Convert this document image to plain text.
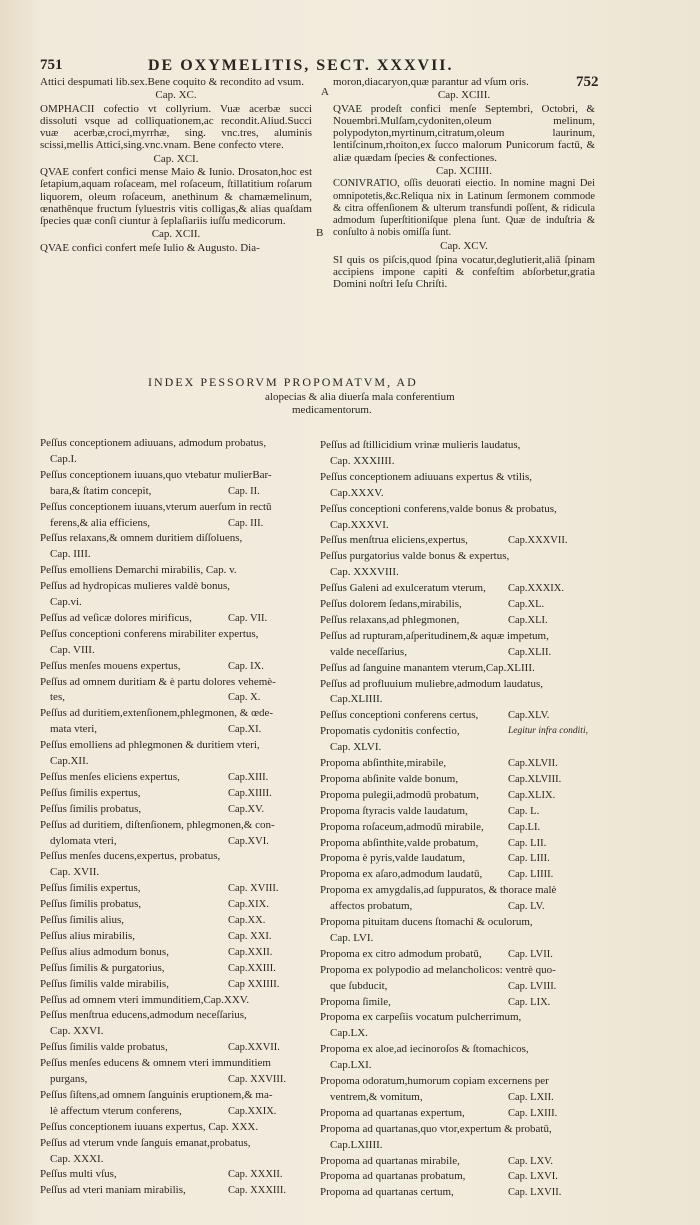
751	DE OXYMELITIS, SECT. XXXVII.
752
A
B

Attici despumati lib.sex.Bene coquito & recondito ad vsum.

Cap. XC.

OMPHACII cofectio vt collyrium. Vuæ acerbæ succi dissoluti vsque ad colliquationem,ac recondit.Aliud.Succi vuæ acerbæ,croci,myrrhæ, sing. vnc.tres, aluminis scissi,mellis Attici,sing.vnc.vnam. Bene confecto vtere.

Cap. XCI.

QVAE confert confici mense Maio & Iunio. Drosaton,hoc est ſetapium,aquam roſaceam, mel roſaceum, ſtillatitium roſarum liquorem, oleum roſaceum, anethinum & chamæmelinum, œnathênque fructum ſyluestris vitis colligas,& alias quaſdam ſpecies quæ conſi ciuntur à ſeplaſiariis iuſſu medicorum.

Cap. XCII.

QVAE confici confert meſe Iulio & Augusto. Dia-

moron,diacaryon,quæ parantur ad vſum oris.

Cap. XCIII.

QVAE prodeſt confici menſe Septembri, Octobri, & Nouembri.Mulſam,cydoniten,oleum melinum, polypodyton,myrtinum,citratum,oleum laurinum, lentiſcinum,rhoiton,ex ſucco malorum Punicorum factū, & aliæ quædam ſpecies & confectiones.

Cap. XCIIII.

CONIVRATIO, oſſis deuorati eiectio. In nomine magni Dei omnipotetis,&c.Reliqua nix in Latinum ſermonem commode & citra offenſionem & ulterum transfundi poſſent, & ridicula admodum ſuperſtitioniſque plena ſunt. Quæ de induſtria & conſulto à nobis omiſſa ſunt.

Cap. XCV.

SI quis os piſcis,quod ſpina vocatur,deglutierit,aliā ſpinam accipiens impone capiti & confeſtim abſorbetur,gratia Domini noſtri Ieſu Chriſti.

INDEX PESSORVM PROPOMATVM, AD
alopecias & alia diuerſa mala conferentium
medicamentorum.
Peſſus conceptionem adiuuans, admodum probatus,
Cap.I.
Peſſus conceptionem iuuans,quo vtebatur mulierBar-
bara,& ſtatim concepit,	Cap. II.
Peſſus conceptionem iuuans,vterum auerſum in rectū
ferens,& alia efficiens,	Cap. III.
Peſſus relaxans,& omnem duritiem diſſoluens,
Cap. IIII.
Peſſus emolliens Demarchi mirabilis, Cap. v.
Peſſus ad hydropicas mulieres valdè bonus,
Cap.vi.
Peſſus ad veſicæ dolores mirificus,	Cap. VII.
Peſſus conceptioni conferens mirabiliter expertus,
Cap. VIII.
Peſſus menſes mouens expertus,	Cap. IX.
Peſſus ad omnem duritiam & è partu dolores vehemè-
tes,	Cap. X.
Peſſus ad duritiem,extenſionem,phlegmonen, & œde-
mata vteri,	Cap.XI.
Peſſus emolliens ad phlegmonen & duritiem vteri,
Cap.XII.
Peſſus menſes eliciens expertus,	Cap.XIII.
Peſſus ſimilis expertus,	Cap.XIIII.
Peſſus ſimilis probatus,	Cap.XV.
Peſſus ad duritiem, diſtenſionem, phlegmonen,& con-
dylomata vteri,	Cap.XVI.
Peſſus menſes ducens,expertus, probatus,
Cap. XVII.
Peſſus ſimilis expertus,	Cap. XVIII.
Peſſus ſimilis probatus,	Cap.XIX.
Peſſus ſimilis alius,	Cap.XX.
Peſſus alius mirabilis,	Cap. XXI.
Peſſus alius admodum bonus,	Cap.XXII.
Peſſus ſimilis & purgatorius,	Cap.XXIII.
Peſſus ſimilis valde mirabilis,	Cap XXIIII.
Peſſus ad omnem vteri immunditiem,Cap.XXV.
Peſſus menſtrua educens,admodum neceſſarius,
Cap. XXVI.
Peſſus ſimilis valde probatus,	Cap.XXVII.
Peſſus menſes educens & omnem vteri immunditiem
purgans,	Cap. XXVIII.
Peſſus ſiſtens,ad omnem ſanguinis eruptionem,& ma-
lè affectum vterum conferens,	Cap.XXIX.
Peſſus conceptionem iuuans expertus, Cap. XXX.
Peſſus ad vterum vnde ſanguis emanat,probatus,
Cap. XXXI.
Peſſus multi vſus,	Cap. XXXII.
Peſſus ad vteri maniam mirabilis,	Cap. XXXIII.
Peſſus ad ſtillicidium vrinæ mulieris laudatus,
Cap. XXXIIII.
Peſſus conceptionem adiuuans expertus & vtilis,
Cap.XXXV.
Peſſus conceptioni conferens,valde bonus & probatus,
Cap.XXXVI.
Peſſus menſtrua eliciens,expertus,	Cap.XXXVII.
Peſſus purgatorius valde bonus & expertus,
Cap. XXXVIII.
Peſſus Galeni ad exulceratum vterum, Cap.XXXIX.
Peſſus dolorem ſedans,mirabilis,	Cap.XL.
Peſſus relaxans,ad phlegmonen,	Cap.XLI.
Peſſus ad rupturam,aſperitudinem,& aquæ impetum,
valde neceſſarius,	Cap.XLII.
Peſſus ad ſanguine manantem vterum,Cap.XLIII.
Peſſus ad profluuium muliebre,admodum laudatus,
Cap.XLIIII.
Peſſus conceptioni conferens certus,	Cap.XLV.
Propomatis cydonitis confectio,	Legitur infra conditi,
Cap. XLVI.
Propoma abſinthite,mirabile,	Cap.XLVII.
Propoma abſinite valde bonum,	Cap.XLVIII.
Propoma pulegii,admodū probatum,	Cap.XLIX.
Propoma ſtyracis valde laudatum,	Cap. L.
Propoma roſaceum,admodū mirabile, Cap.LI.
Propoma abſinthite,valde probatum,	Cap. LII.
Propoma è pyris,valde laudatum,	Cap. LIII.
Propoma ex aſaro,admodum laudatū, Cap. LIIII.
Propoma ex amygdalis,ad ſuppuratos, & thorace malè
affectos probatum,	Cap. LV.
Propoma pituitam ducens ſtomachi & oculorum,
Cap. LVI.
Propoma ex citro admodum probatū,	Cap. LVII.
Propoma ex polypodio ad melancholicos: ventrè quo-
que ſubducit,	Cap. LVIII.
Propoma ſimile,	Cap. LIX.
Propoma ex carpeſiis vocatum pulcherrimum,
Cap.LX.
Propoma ex aloe,ad iecinoroſos & ſtomachicos,
Cap.LXI.
Propoma odoratum,humorum copiam excernens per
ventrem,& vomitum,	Cap. LXII.
Propoma ad quartanas expertum,	Cap. LXIII.
Propoma ad quartanas,quo vtor,expertum & probatū,
Cap.LXIIII.
Propoma ad quartanas mirabile,	Cap. LXV.
Propoma ad quartanas probatum,	Cap. LXVI.
Propoma ad quartanas certum,	Cap. LXVII.
